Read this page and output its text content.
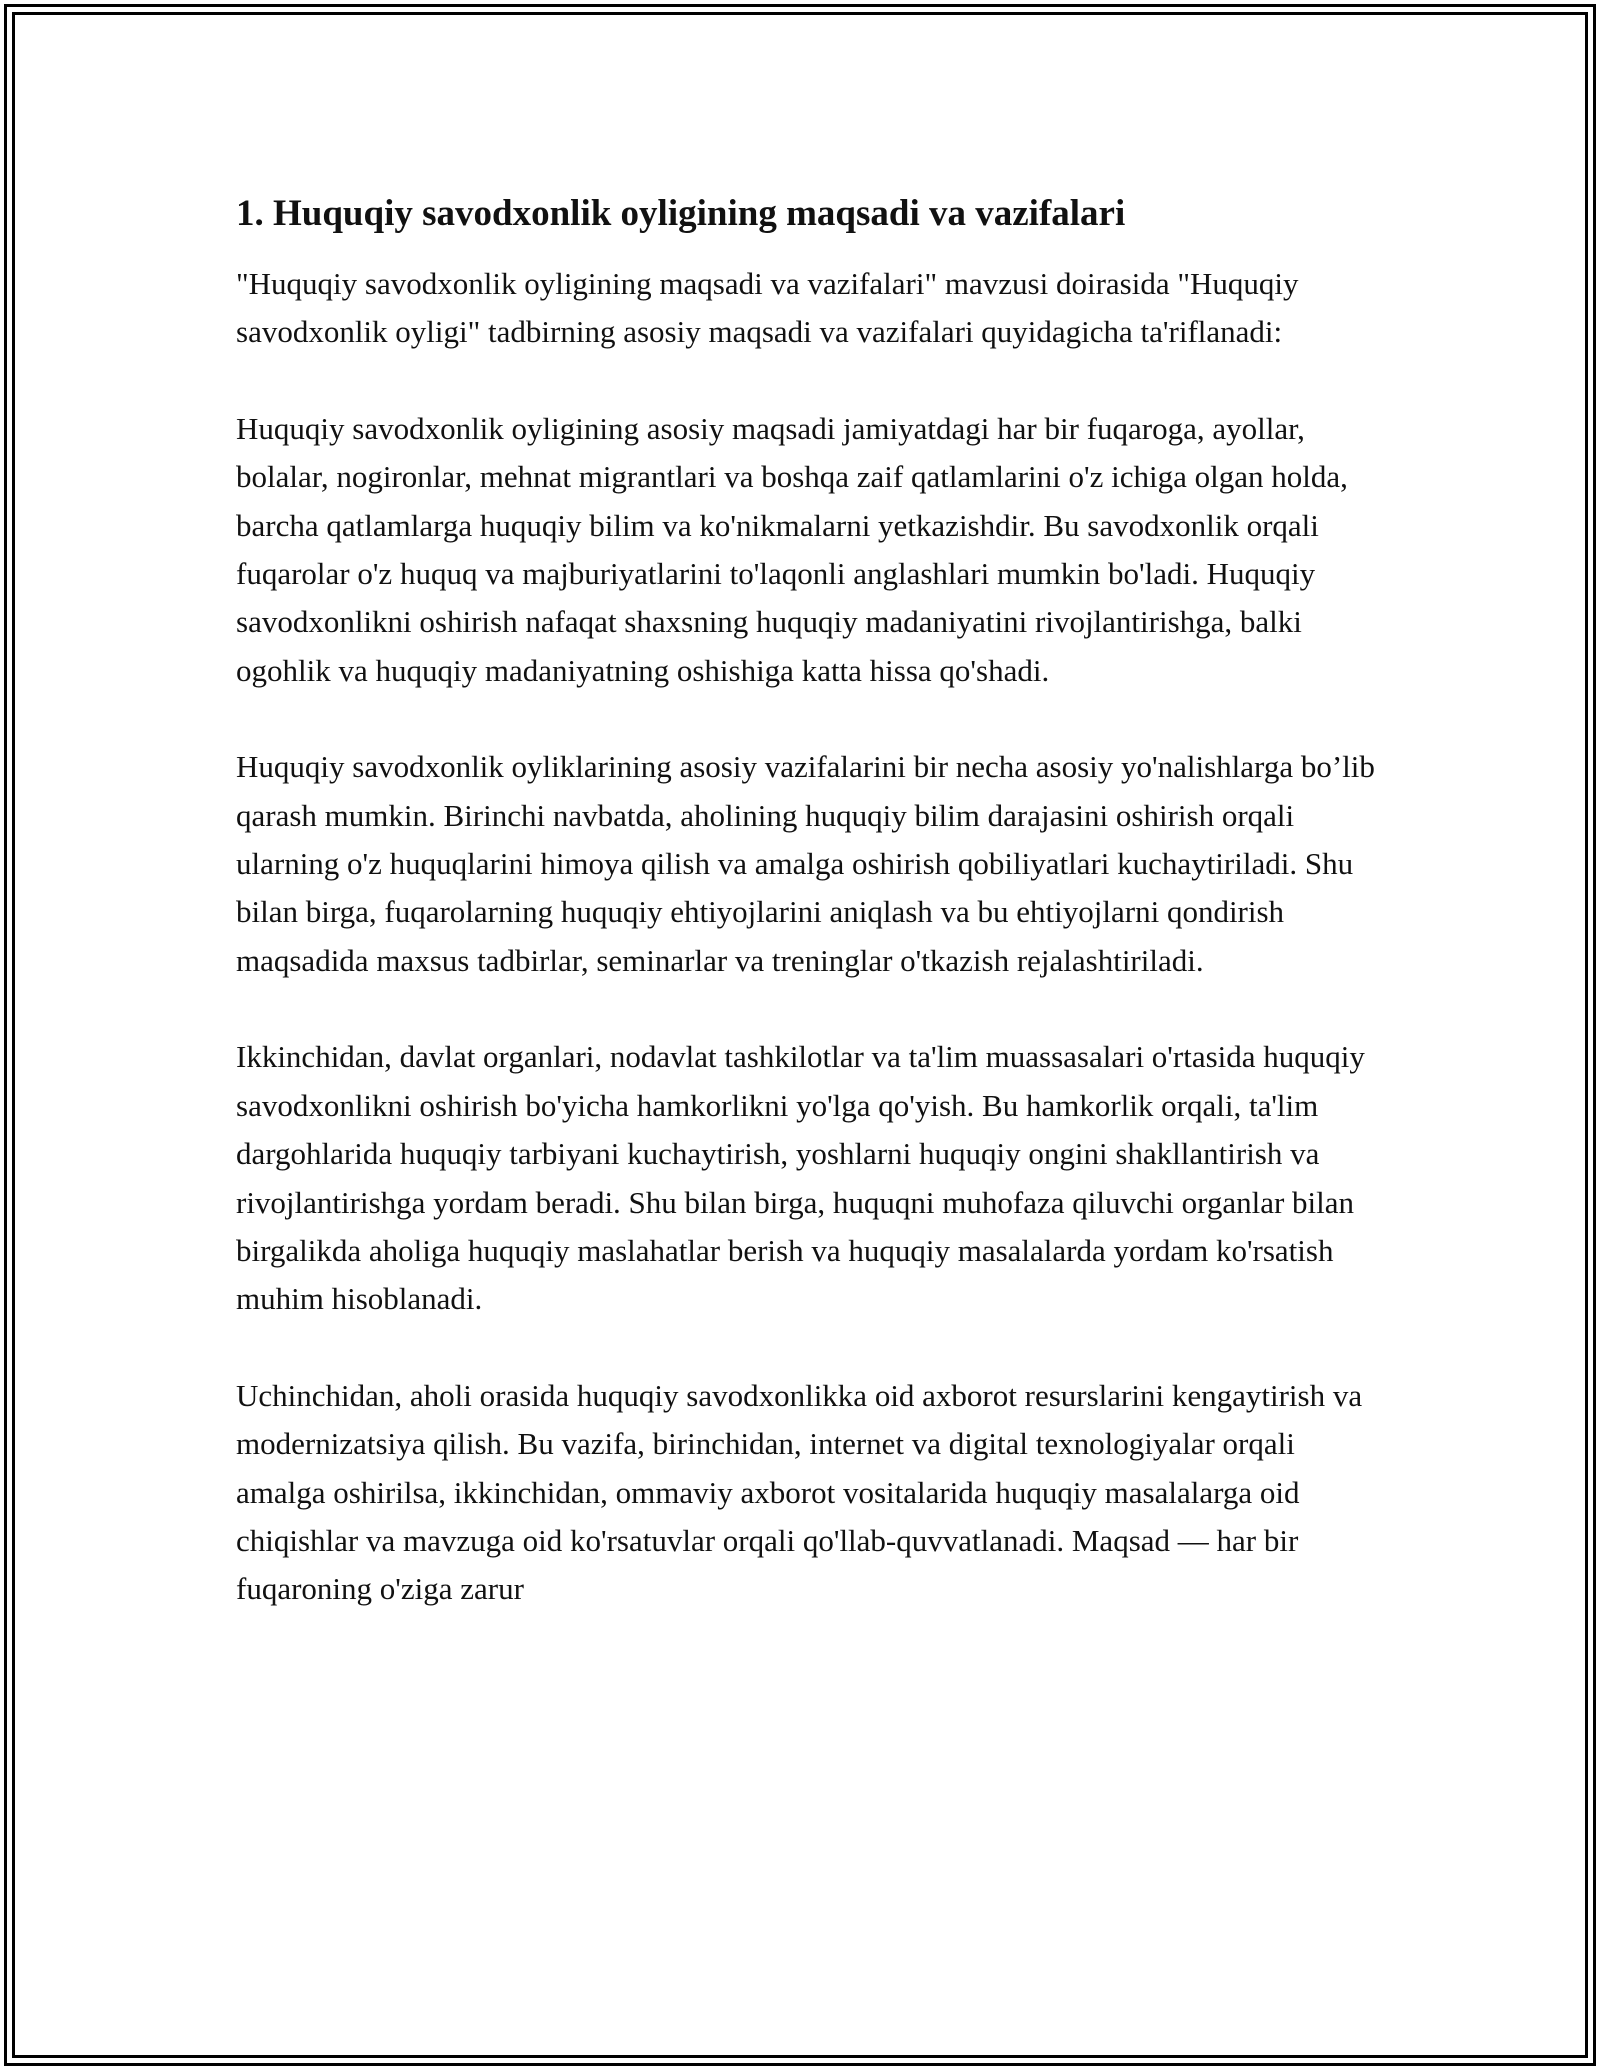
1. Huquqiy savodxonlik oyligining maqsadi va vazifalari

"Huquqiy savodxonlik oyligining maqsadi va vazifalari" mavzusi doirasida "Huquqiy savodxonlik oyligi" tadbirning asosiy maqsadi va vazifalari quyidagicha ta'riflanadi:

Huquqiy savodxonlik oyligining asosiy maqsadi jamiyatdagi har bir fuqaroga, ayollar, bolalar, nogironlar, mehnat migrantlari va boshqa zaif qatlamlarini o'z ichiga olgan holda, barcha qatlamlarga huquqiy bilim va ko'nikmalarni yetkazishdir. Bu savodxonlik orqali fuqarolar o'z huquq va majburiyatlarini to'laqonli anglashlari mumkin bo'ladi. Huquqiy savodxonlikni oshirish nafaqat shaxsning huquqiy madaniyatini rivojlantirishga, balki ogohlik va huquqiy madaniyatning oshishiga katta hissa qo'shadi.

Huquqiy savodxonlik oyliklarining asosiy vazifalarini bir necha asosiy yo'nalishlarga bo’lib qarash mumkin. Birinchi navbatda, aholining huquqiy bilim darajasini oshirish orqali ularning o'z huquqlarini himoya qilish va amalga oshirish qobiliyatlari kuchaytiriladi. Shu bilan birga, fuqarolarning huquqiy ehtiyojlarini aniqlash va bu ehtiyojlarni qondirish maqsadida maxsus tadbirlar, seminarlar va treninglar o'tkazish rejalashtiriladi.

Ikkinchidan, davlat organlari, nodavlat tashkilotlar va ta'lim muassasalari o'rtasida huquqiy savodxonlikni oshirish bo'yicha hamkorlikni yo'lga qo'yish. Bu hamkorlik orqali, ta'lim dargohlarida huquqiy tarbiyani kuchaytirish, yoshlarni huquqiy ongini shakllantirish va rivojlantirishga yordam beradi. Shu bilan birga, huquqni muhofaza qiluvchi organlar bilan birgalikda aholiga huquqiy maslahatlar berish va huquqiy masalalarda yordam ko'rsatish muhim hisoblanadi.

Uchinchidan, aholi orasida huquqiy savodxonlikka oid axborot resurslarini kengaytirish va modernizatsiya qilish. Bu vazifa, birinchidan, internet va digital texnologiyalar orqali amalga oshirilsa, ikkinchidan, ommaviy axborot vositalarida huquqiy masalalarga oid chiqishlar va mavzuga oid ko'rsatuvlar orqali qo'llab-quvvatlanadi. Maqsad — har bir fuqaroning o'ziga zarur
